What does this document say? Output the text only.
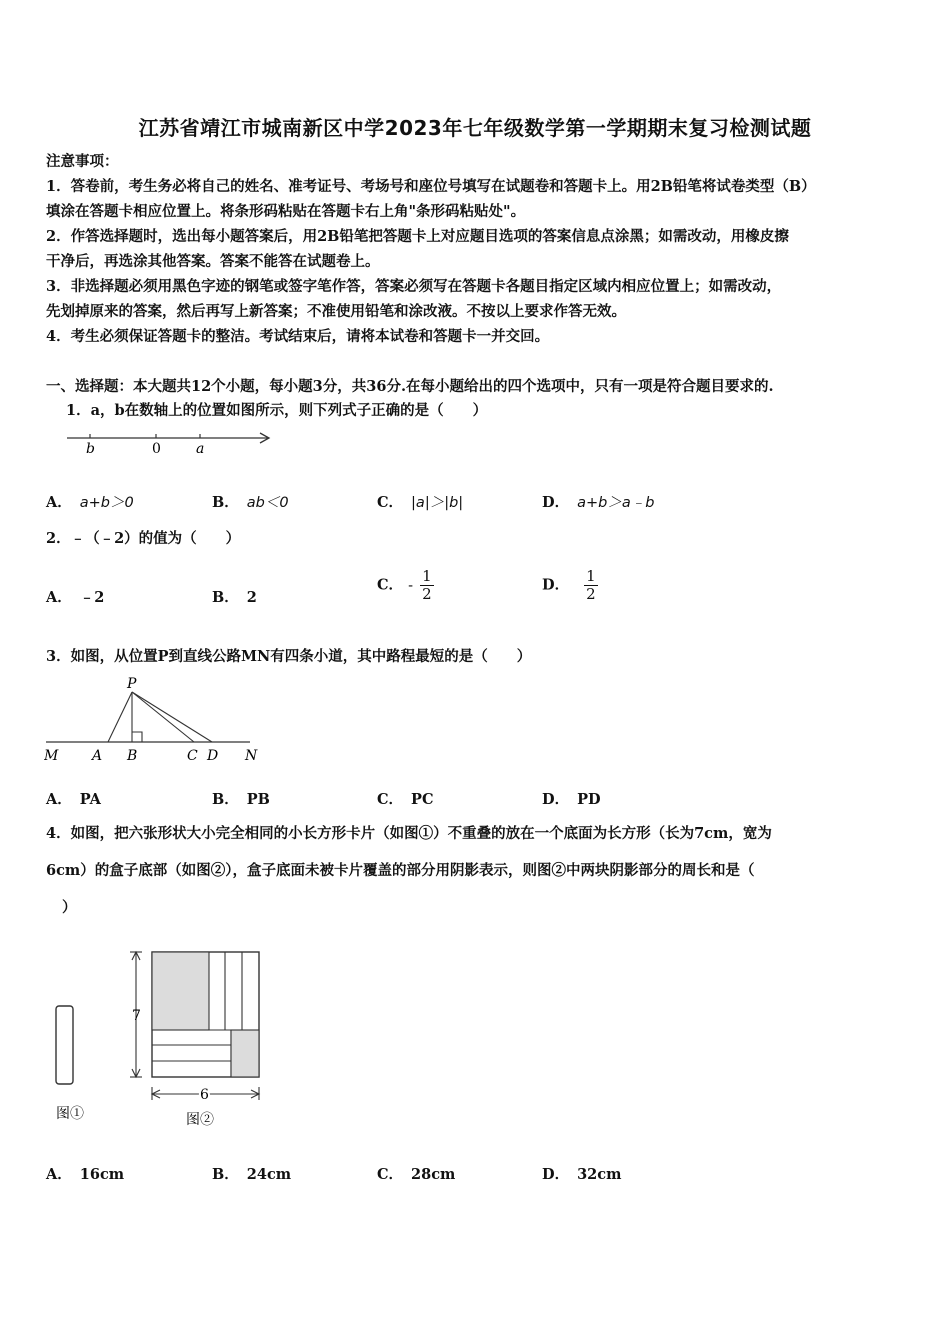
江苏省靖江市城南新区中学2023年七年级数学第一学期期末复习检测试题
注意事项：
1．答卷前，考生务必将自己的姓名、准考证号、考场号和座位号填写在试题卷和答题卡上。用2B铅笔将试卷类型（B）
填涂在答题卡相应位置上。将条形码粘贴在答题卡右上角"条形码粘贴处"。
2．作答选择题时，选出每小题答案后，用2B铅笔把答题卡上对应题目选项的答案信息点涂黑；如需改动，用橡皮擦
干净后，再选涂其他答案。答案不能答在试题卷上。
3．非选择题必须用黑色字迹的钢笔或签字笔作答，答案必须写在答题卡各题目指定区域内相应位置上；如需改动，
先划掉原来的答案，然后再写上新答案；不准使用铅笔和涂改液。不按以上要求作答无效。
4．考生必须保证答题卡的整洁。考试结束后，请将本试卷和答题卡一并交回。
一、选择题：本大题共12个小题，每小题3分，共36分.在每小题给出的四个选项中，只有一项是符合题目要求的.
1．a，b在数轴上的位置如图所示，则下列式子正确的是（　　）
b	0	a
A． a+b＞0	B． ab＜0	C． |a|＞|b|	D． a+b＞a﹣b
2．﹣（﹣2）的值为（　　）
A． ﹣2	B． 2
C． - $\frac{1}{2}$	D． $\frac{1}{2}$
3．如图，从位置P到直线公路MN有四条小道，其中路程最短的是（　　）
P
M A B	C D N
A． PA	B． PB	C． PC	D． PD
4．如图，把六张形状大小完全相同的小长方形卡片（如图①）不重叠的放在一个底面为长方形（长为7cm，宽为
6cm）的盒子底部（如图②），盒子底面未被卡片覆盖的部分用阴影表示，则图②中两块阴影部分的周长和是（
）
图①
7
6
图②
A． 16cm	B． 24cm	C． 28cm	D． 32cm
